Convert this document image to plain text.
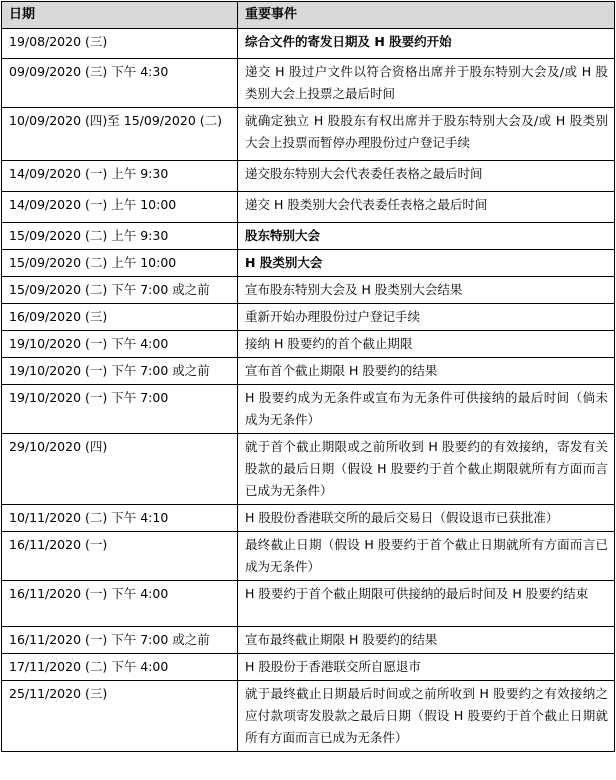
日期	重要事件
19/08/2020 (三)	综合文件的寄发日期及 H 股要约开始
09/09/2020 (三) 下午 4:30	递交 H 股过户文件以符合资格出席并于股东特别大会及/或 H 股类别大会上投票之最后时间
10/09/2020 (四)至 15/09/2020 (二)	就确定独立 H 股股东有权出席并于股东特别大会及/或 H 股类别大会上投票而暂停办理股份过户登记手续
14/09/2020 (一) 上午 9:30	递交股东特别大会代表委任表格之最后时间
14/09/2020 (一) 上午 10:00	递交 H 股类别大会代表委任表格之最后时间
15/09/2020 (二) 上午 9:30	股东特别大会
15/09/2020 (二) 上午 10:00	H 股类别大会
15/09/2020 (二) 下午 7:00 或之前	宣布股东特别大会及 H 股类别大会结果
16/09/2020 (三)	重新开始办理股份过户登记手续
19/10/2020 (一) 下午 4:00	接纳 H 股要约的首个截止期限
19/10/2020 (一) 下午 7:00 或之前	宣布首个截止期限 H 股要约的结果
19/10/2020 (一) 下午 7:00	H 股要约成为无条件或宣布为无条件可供接纳的最后时间（倘未成为无条件）
29/10/2020 (四)	就于首个截止期限或之前所收到 H 股要约的有效接纳，寄发有关股款的最后日期（假设 H 股要约于首个截止期限就所有方面而言已成为无条件）
10/11/2020 (二) 下午 4:10	H 股股份香港联交所的最后交易日（假设退市已获批准）
16/11/2020 (一)	最终截止日期（假设 H 股要约于首个截止日期就所有方面而言已成为无条件）
16/11/2020 (一) 下午 4:00	H 股要约于首个截止期限可供接纳的最后时间及 H 股要约结束
16/11/2020 (一) 下午 7:00 或之前	宣布最终截止期限 H 股要约的结果
17/11/2020 (二) 下午 4:00	H 股股份于香港联交所自愿退市
25/11/2020 (三)	就于最终截止日期最后时间或之前所收到 H 股要约之有效接纳之应付款项寄发股款之最后日期（假设 H 股要约于首个截止日期就所有方面而言已成为无条件）
